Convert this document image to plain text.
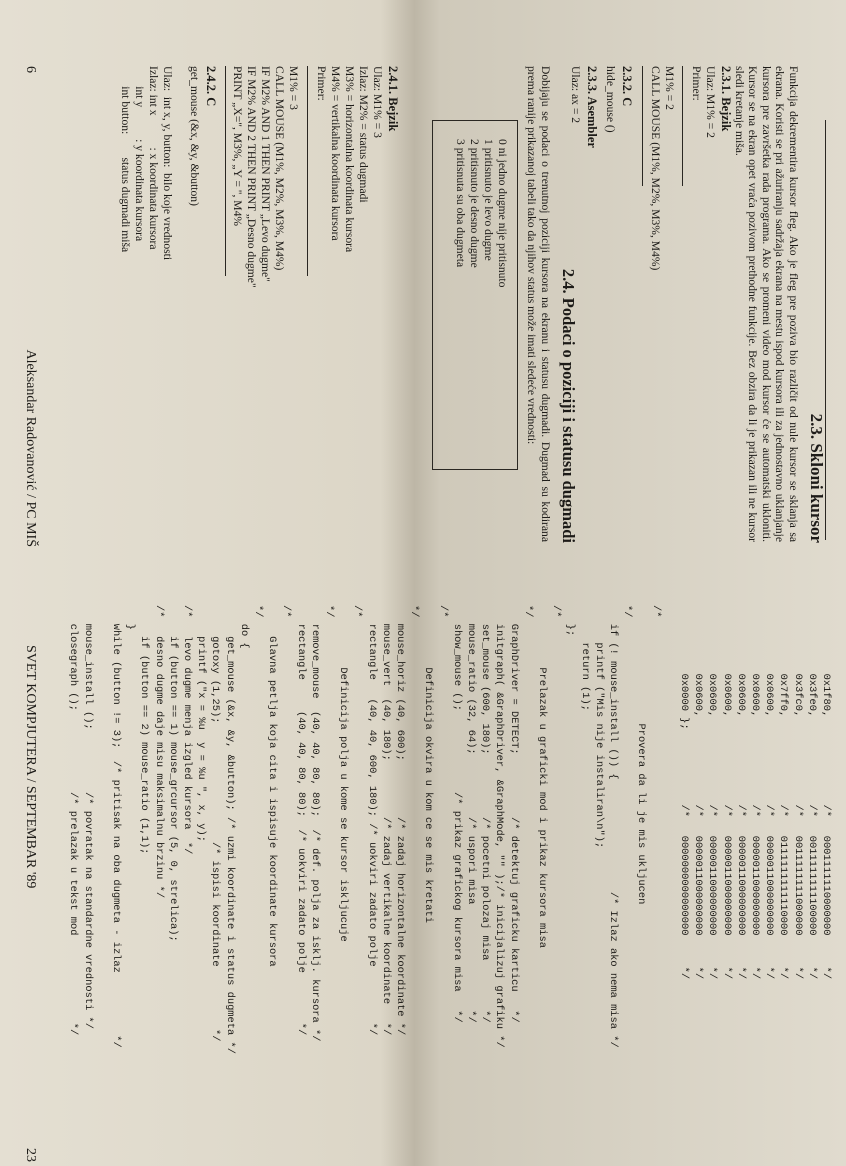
2.3. Skloni kursor
Funkcija dekrementira kursor fleg. Ako je fleg pre poziva bio različit od nule kursor se sklanja sa ekrana. Koristi se pri ažuriranju sadržaja ekrana na mestu ispod kursora ili za jednostavno uklanjanje kursora pre završetka rada programa. Ako se promeni video mod kursor će se automatski ukloniti. Kursor se na ekran opet vraća pozivom prethodne funkcije. Bez obzira da li je prikazan ili ne kursor sledi kretanje miša.
2.3.1. Bejzik
Ulaz: M1% = 2
Primer:
M1% = 2
CALL MOUSE (M1%, M2%, M3%, M4%)
2.3.2. C
hide_mouse ()
2.3.3. Asembler
Ulaz: ax = 2
2.4. Podaci o poziciji i statusu dugmadi
Dobijaju se podaci o trenutnoj poziciji kursora na ekranu i statusu dugmadi. Dugmad su kodirana prema ranije prikazanoj tabeli tako da njihov status može imati sledeće vrednosti:
0 ni jedno dugme nije pritisnuto
1 pritisnuto je levo dugme
2 pritisnuto je desno dugme
3 pritisnuta su oba dugmeta
2.4.1. Bejzik
Ulaz: M1% = 3
Izlaz: M2% = status dugmadi
M3% = horizontalna koordinata kursora
M4% = vertikalna koordinata kursora
Primer:
M1% = 3
CALL MOUSE (M1%, M2%, M3%, M4%)
IF M2% AND 1 THEN PRINT „Levo dugme"
IF M2% AND 2 THEN PRINT „Desno dugme"
PRINT „X=", M3%, „Y = ", M4%
2.4.2. C
get_mouse (&x, &y, &button)
Ulaz:  int x, y, button:  bilo koje vrednosti
Izlaz: int x           : x koordinata kursora
int y           : y koordinata kursora
int button:        status dugmadi miša
6
Aleksandar Radovanović / PC MIŠ
0x1f80,              /*   0001111110000000     */
0x3fe0,              /*   0011111111100000     */
0x3fc0,              /*   0011111111000000     */
0x7ff0,              /*   0111111111110000     */
0x0600,              /*   0000011000000000     */
0x0600,              /*   0000011000000000     */
0x0600,              /*   0000011000000000     */
0x0600,              /*   0000011000000000     */
0x0600,              /*   0000011000000000     */
0x0600,              /*   0000011000000000     */
0x0000 };            /*   0000000000000000     */
/*
Provera da li je mis ukljucen
*/
if (! mouse_install ()) {                  /* Izlaz ako nema misa */
printf ("Mis nije instaliran\n");
return (1);
};
/*
Prelazak u graficki mod i prikaz kursora misa
*/
GraphDriver = DETECT;          /* detektuj graficku karticu   */
initgraph( &GraphDriver, &GraphMode, "" );/* inicijalizuj grafiku */
set_mouse (600, 180);          /* pocetni polozaj misa        */
mouse_ratio (32, 64);          /* uspori misa                 */
show_mouse ();             /* prikaz grafickog kursora misa   */
/*
Definicija okvira u kom ce se mis kretati
*/
mouse_horiz (40, 600);         /* zadaj horizontalne koordinate */
mouse_vert  (40, 180);         /* zadaj vertikalne koordinate   */
rectangle   (40, 40, 600, 180); /* uokviri zadato polje         */
/*
Definicija polja u kome se kursor iskljucuje
*/
remove_mouse  (40, 40, 80, 80);  /* def. polja za isklj. kursora */
rectangle     (40, 40, 80, 80);  /* uokviri zadato polje        */
/*
Glavna petlja koja cita i ispisuje koordinate kursora
*/
do {
get_mouse (&x, &y, &button); /* uzmi koordinate i status dugmeta */
gotoxy (1,25);                   /* ispisi koordinate          */
printf ("x = %u  y = %u ", x, y);
/*   levo dugme menja izgled kursora  */
if (button == 1) mouse_grcursor (5, 0, strelica);
/*   desno dugme daje misu maksimalnu brzinu */
if (button == 2) mouse_ratio (1,1);
}
while (button != 3);  /* pritisak na oba dugmeta - izlaz          */
mouse_install ();          /* povratak na standardne vrednosti */
closegraph ();             /* prelazak u tekst mod              */
SVET KOMPJUTERA / SEPTEMBAR '89
23
